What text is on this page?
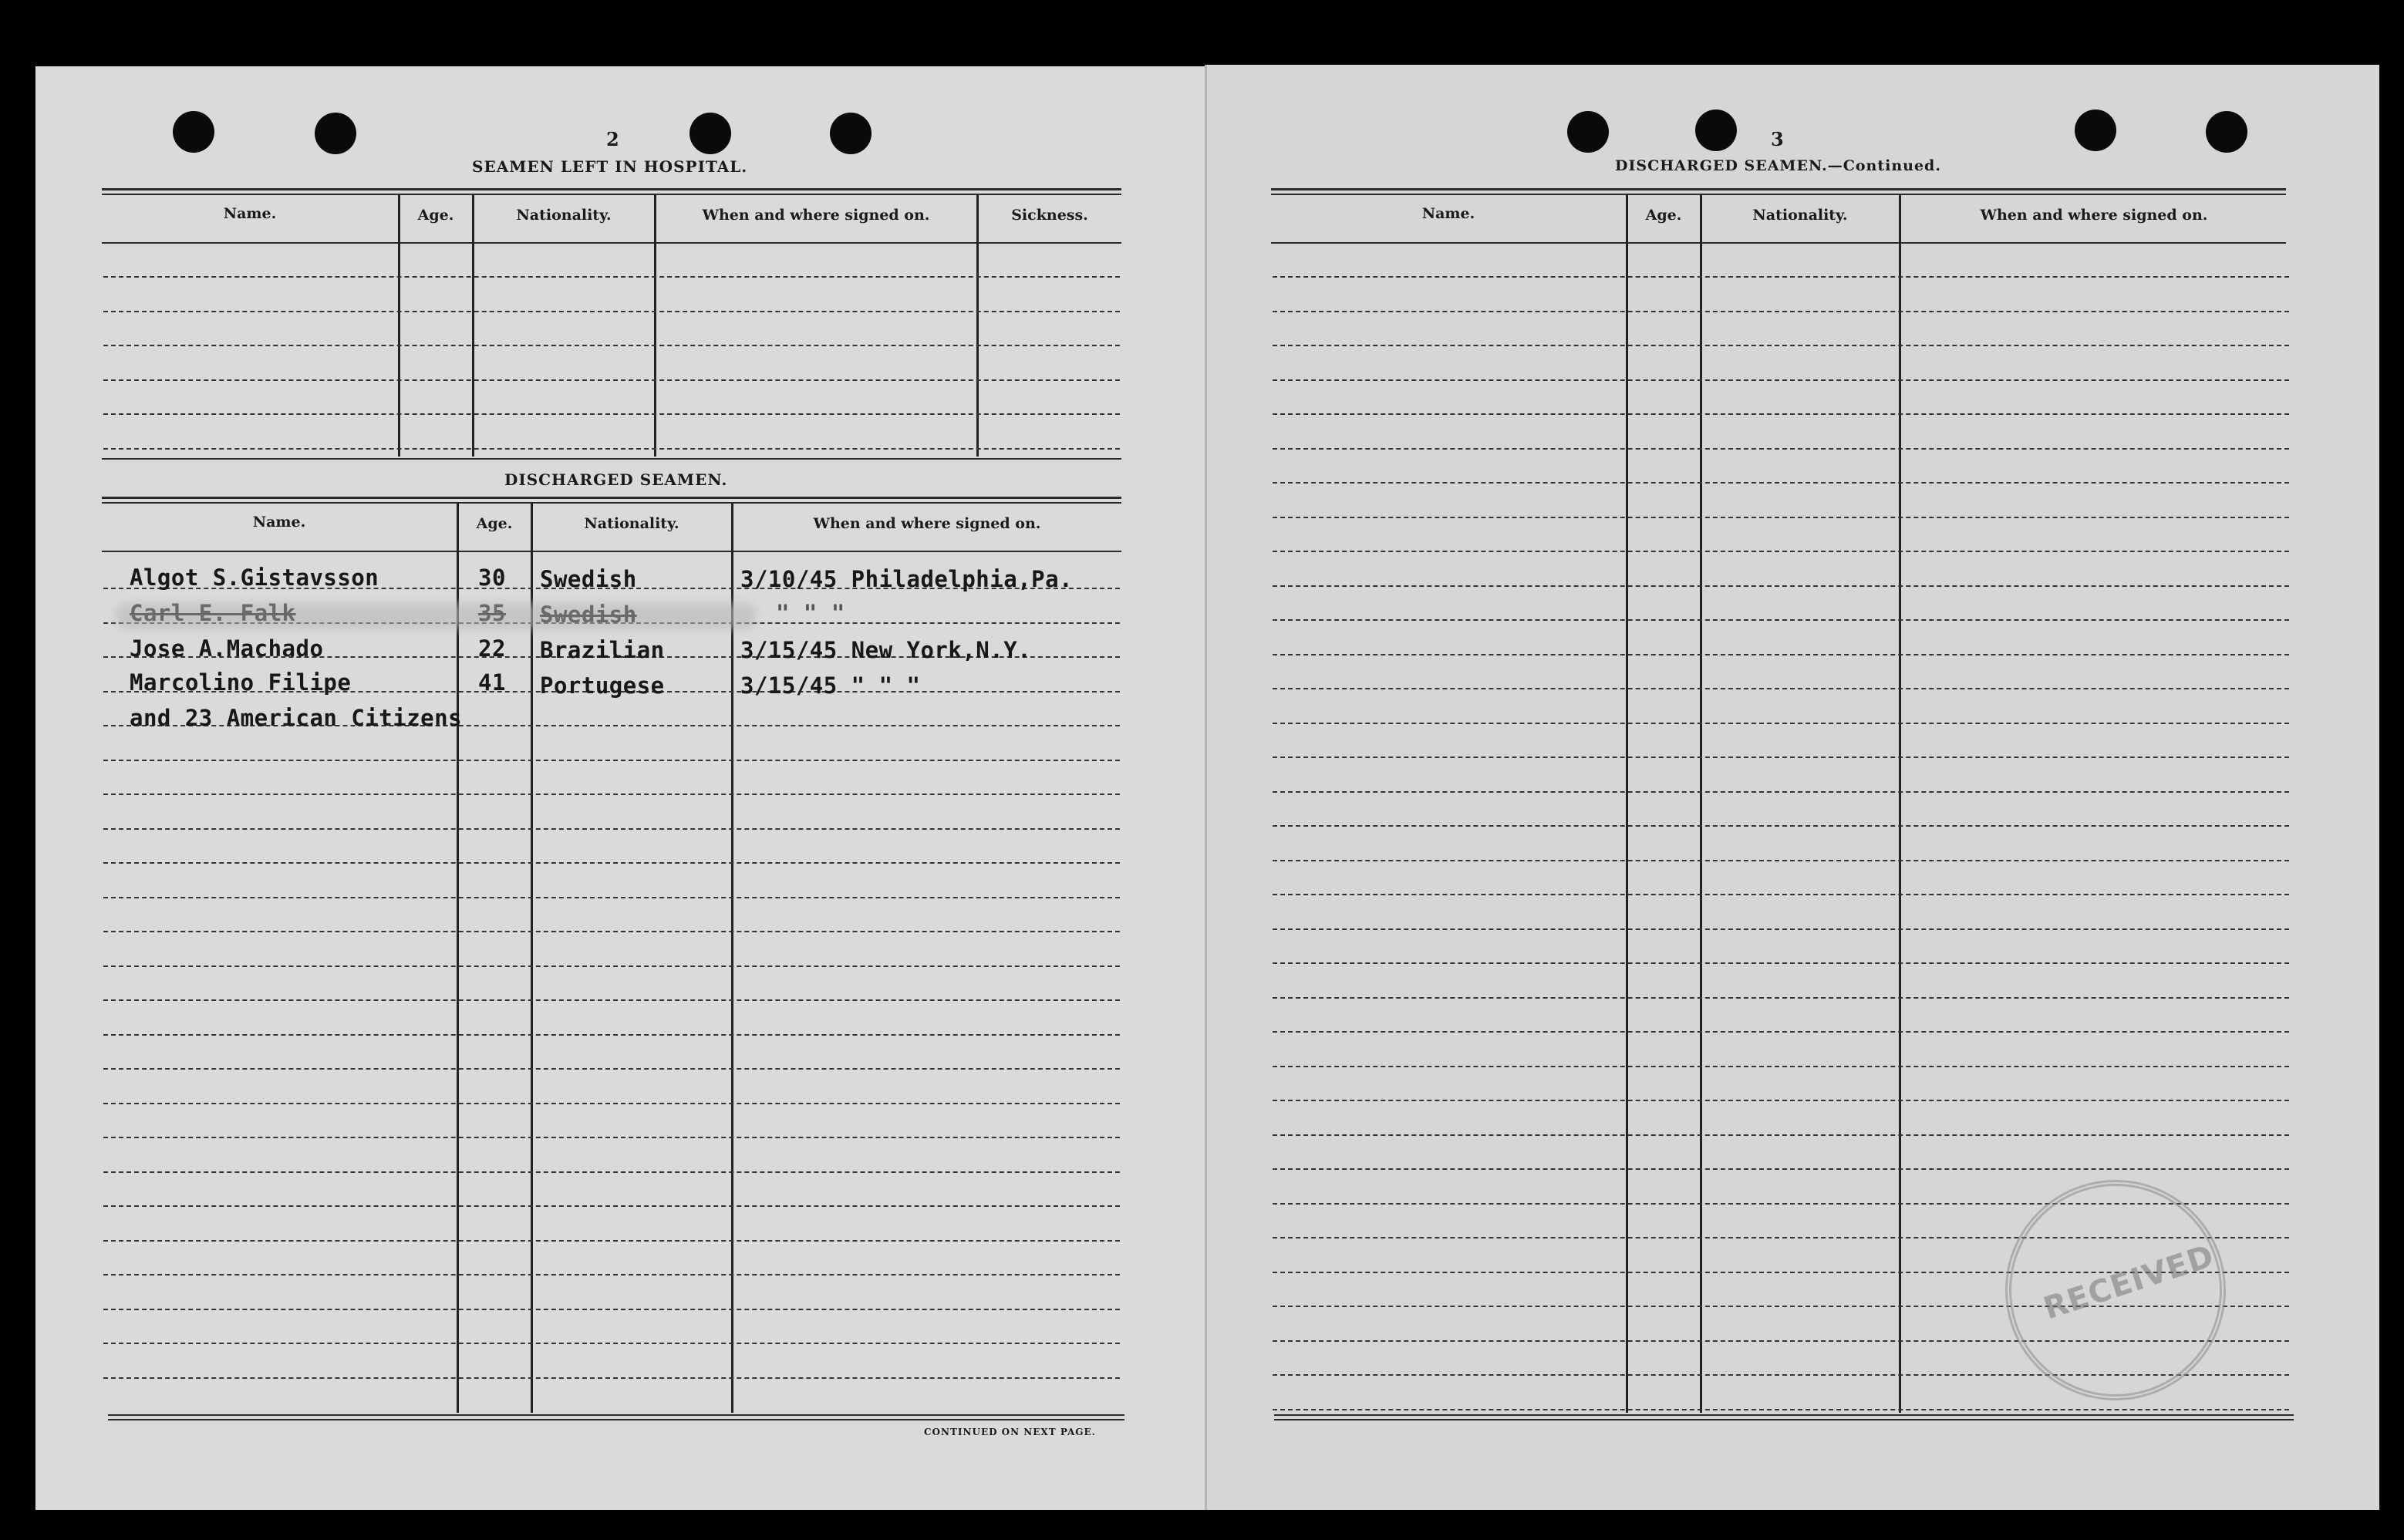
2
SEAMEN LEFT IN HOSPITAL.
Name.	Age.	Nationality.	When and where signed on.	Sickness.
DISCHARGED SEAMEN.
Name.	Age.	Nationality.	When and where signed on.
Algot S.Gistavsson	30 Swedish	3/10/45 Philadelphia,Pa.
Carl E. Falk	35 Swedish	" " "
Jose A.Machado	22 Brazilian	3/15/45 New York,N.Y.
Marcolino Filipe	41 Portugese	3/15/45 " " "
and 23 American Citizens
CONTINUED ON NEXT PAGE.
3
DISCHARGED SEAMEN.—Continued.
Name.	Age.	Nationality.	When and where signed on.
RECEIVED
